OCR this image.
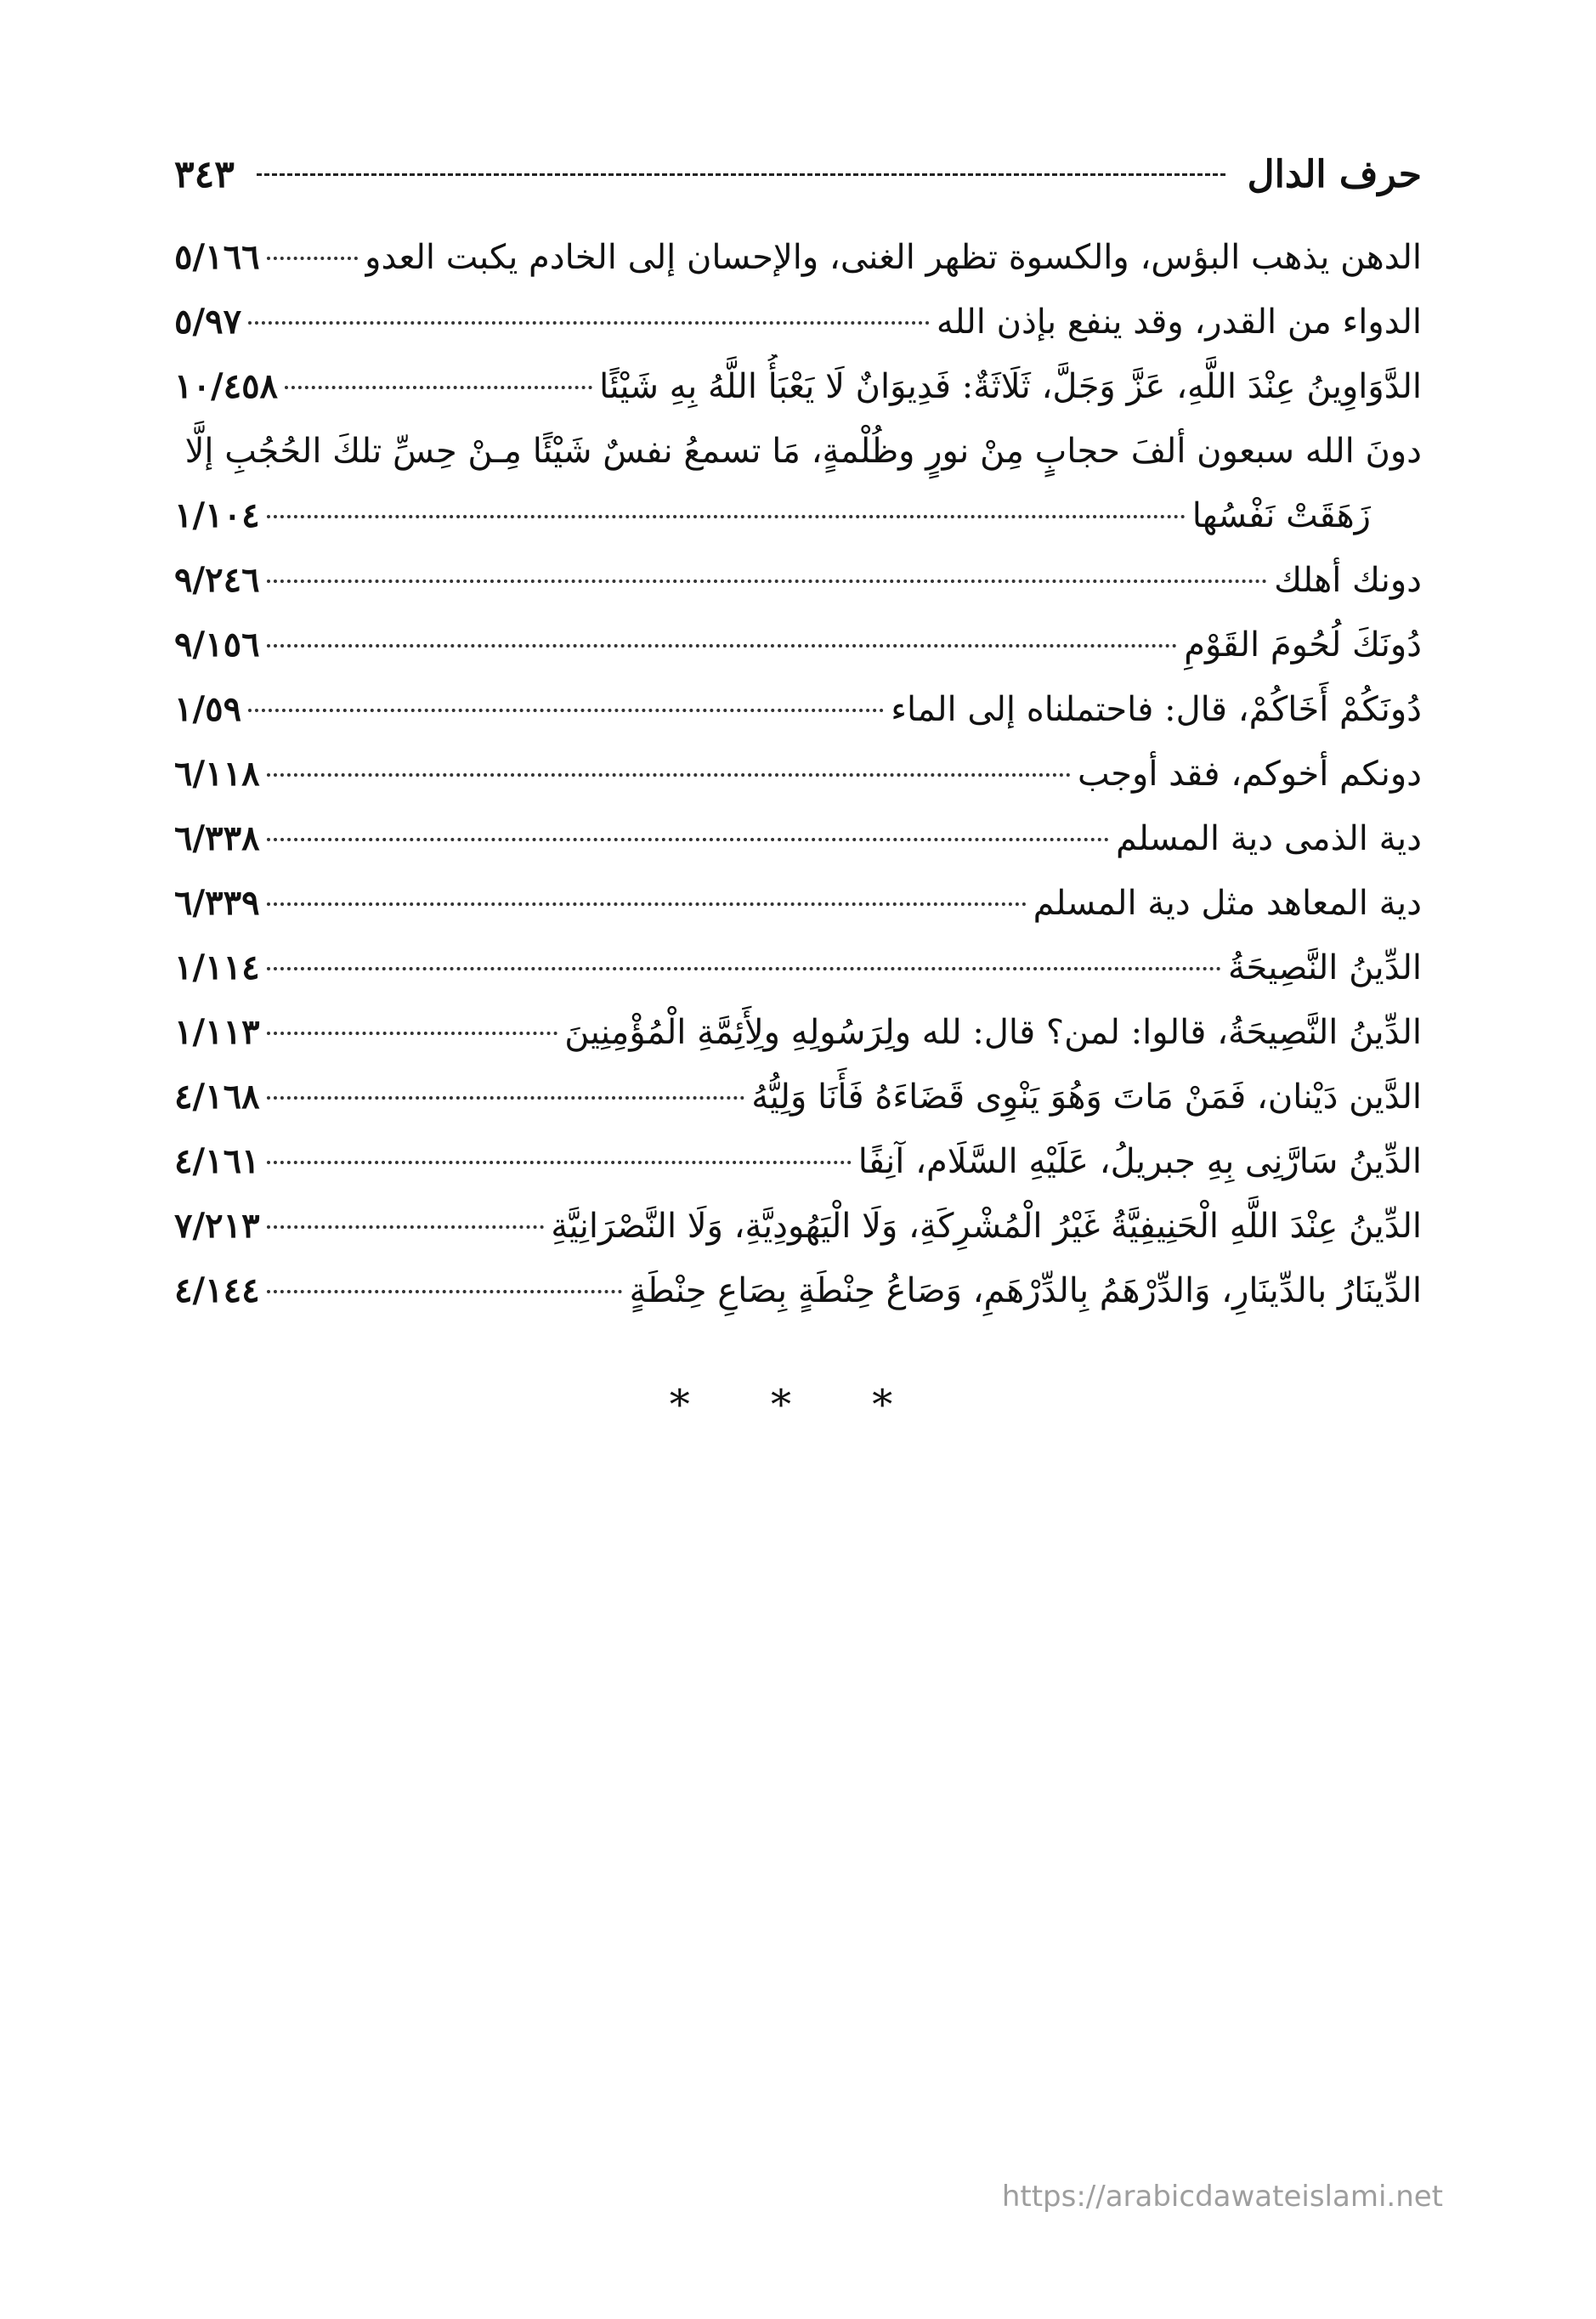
حرف الدال
٣٤٣
الدهن يذهب البؤس، والكسوة تظهر الغنى، والإحسان إلى الخادم يكبت العدو
٥/١٦٦
الدواء من القدر، وقد ينفع بإذن الله
٥/٩٧
الدَّوَاوِينُ عِنْدَ اللَّهِ، عَزَّ وَجَلَّ، ثَلَاثَةٌ: فَدِيوَانٌ لَا يَعْبَأُ اللَّهُ بِهِ شَيْئًا
١٠/٤٥٨
دونَ الله سبعون ألفَ حجابٍ مِنْ نورٍ وظُلْمةٍ، مَا تسمعُ نفسٌ شَيْئًا مِـنْ حِسِّ تلكَ الحُجُبِ إلَّا
زَهَقَتْ نَفْسُها
١/١٠٤
دونك أهلك
٩/٢٤٦
دُونَكَ لُحُومَ القَوْمِ
٩/١٥٦
دُونَكُمْ أَخَاكُمْ، قال: فاحتملناه إلى الماء
١/٥٩
دونكم أخوكم، فقد أوجب
٦/١١٨
دية الذمى دية المسلم
٦/٣٣٨
دية المعاهد مثل دية المسلم
٦/٣٣٩
الدِّينُ النَّصِيحَةُ
١/١١٤
الدِّينُ النَّصِيحَةُ، قالوا: لمن؟ قال: لله ولِرَسُولِهِ ولِأَئِمَّةِ الْمُؤْمِنِينَ
١/١١٣
الدَّين دَيْنان، فَمَنْ مَاتَ وَهُوَ يَنْوِى قَضَاءَهُ فَأَنَا وَلِيُّهُ
٤/١٦٨
الدِّينُ سَارَّنِى بِهِ جبريلُ، عَلَيْهِ السَّلَام، آنِفًا
٤/١٦١
الدِّينُ عِنْدَ اللَّهِ الْحَنِيفِيَّةُ غَيْرُ الْمُشْرِكَةِ، وَلَا الْيَهُودِيَّةِ، وَلَا النَّصْرَانِيَّةِ
٧/٢١٣
الدِّينَارُ بالدِّينَارِ، وَالدِّرْهَمُ بِالدِّرْهَمِ، وَصَاعُ حِنْطَةٍ بِصَاعِ حِنْطَةٍ
٤/١٤٤
* * *
https://arabicdawateislami.net
